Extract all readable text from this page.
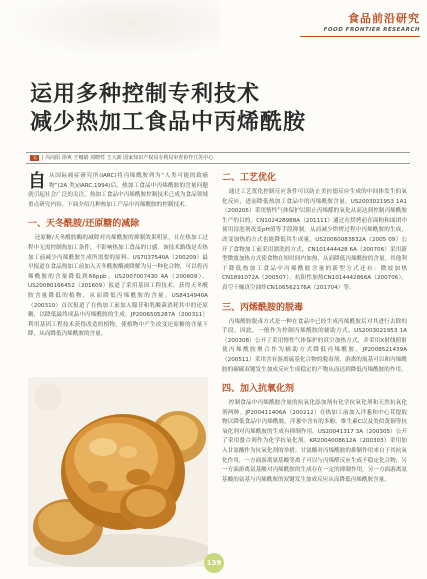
食品前沿研究
FOOD FRONTIER RESEARCH
运用多种控制专利技术
减少热加工食品中丙烯酰胺
文 | 冯向阳 徐爽 王娜娟 刘晓莺 王大新 国家知识产权局专利局审查协作江苏中心

自从国际癌症研究所(IARC)将丙烯酰胺列为“人类可能的致癌物”(2A 类)(IARC,1994)后，热加工食品中丙烯酰胺的含量问题就引起社会广泛的关注。热加工食品中丙烯酰胺控制技术已成为食品领域重点研究内容。下面介绍几种热加工产品中丙烯酰胺的控制技术。

一、天冬酰胺/还原糖的减除

还原糖/天冬酰胺酶的减除对丙烯酰胺的抑制效果明显，且在热加工过程中无需控制热加工条件，不影响热加工食品的口感。该技术路线是否热加工前减少丙烯酰胺生成所需要的原料。US7037540A（200209）最早报道在食品热加工前加入天冬酰胺酶被降解为另一种化合物，可以将丙烯酰胺的含量降低到66ppb。US2007007430 4A（200609）、US20080166452（201609）报道了采用基因工程技术，获得天冬酰胺含量降低的植物，从而降低丙烯酰胺的含量。US8414940A（200310）首次报道了在热加工前加入腺苷和乳酸菌消耗其中的还原糖，以降低最终成品中丙烯酰胺的生成。JP2006505287A（200311）利用基因工程技术获得改造的植物，使植物中产生改变还原糖的含量下降，从而降低丙烯酰胺的含量。

二、工艺优化

通过工艺优化控制反应条件可以防止美拉德反应生成的中间体发生的氧化反应，进而降低热加工食品中的丙烯酰胺含量。US2003021953 1A1（200205）采用惰性气体保护以阻止丙烯醛的氧化从而达到控制丙烯酰胺生产的目的。CN102428988A（201111）通过在烘烤前在面粉和面团中使用浸泡剂改变pH值等手段抑制。从而减少烘烤过程中丙烯酰胺的生成，改变加热的方式也能降低其生成量。US20060083832A（2005 09）公开了食物加工前采用漂洗的方式。CN101444428 6A（200706）采用新型微波加热方式使食物在短时间内加热，从而降低丙烯酰胺的含量。其他利于降低热加工食品中丙烯酰胺含量的新型方式还有：微波加热CN1891072A（200507）、抗阻性加热CN1014442866A（200706）、真空干燥真空油炸CN106562176A（201704）等。

三、丙烯酰胺的脱毒

丙烯酰胺脱毒方式是一种在食品中已经生成丙烯酰胺后对其进行去除的手段。因此，一般作为控制丙烯酰胺的辅助方式。US2003021953 1A（200308）公开了采用惰性气体保护的真空加热方式，并采用X射线照射使丙烯酰胺聚合作为辅助方式降低丙烯酰胺。JP2008521439A（200511）采用含有游离硫基化合物的脱毒剂，游离的巯基可以和丙烯酰胺的碳碳双键发生加成反应生成稳定的产物从而达到降低丙烯酰胺的作用。

四、加入抗氧化剂

控制食品中丙烯酰胺含量的抗氧化添加剂有化学抗氧化剂和天然抗氧化剂两种。JP200411406A（200212）在热加工前加入洋葱和中心茸提取物以降低食品中丙烯酰胺。洋葱中含有的多酚、维生素C以及类似黄铜等抗氧化剂对丙烯酰胺的生成有抑制作用。US20041317 3A（200305）公开了采用螯合剂作为化学抗氧化剂。KR2004008612A（200303）采用加入甘氨酸作为抗氧化剂的举措。甘氨酸对丙烯酰胺的抑制作用来自于其抗氧化作用，一方面游离氨基酸等离子可以与丙烯醛反应生成不稳定化合物，另一方面游离氨基酸对丙烯酰胺的生成存在一定的抑制作用。另一方面游离氨基酸的氨基与丙烯酰胺的双键发生加成反应从而降低丙烯酰胺含量。

139
